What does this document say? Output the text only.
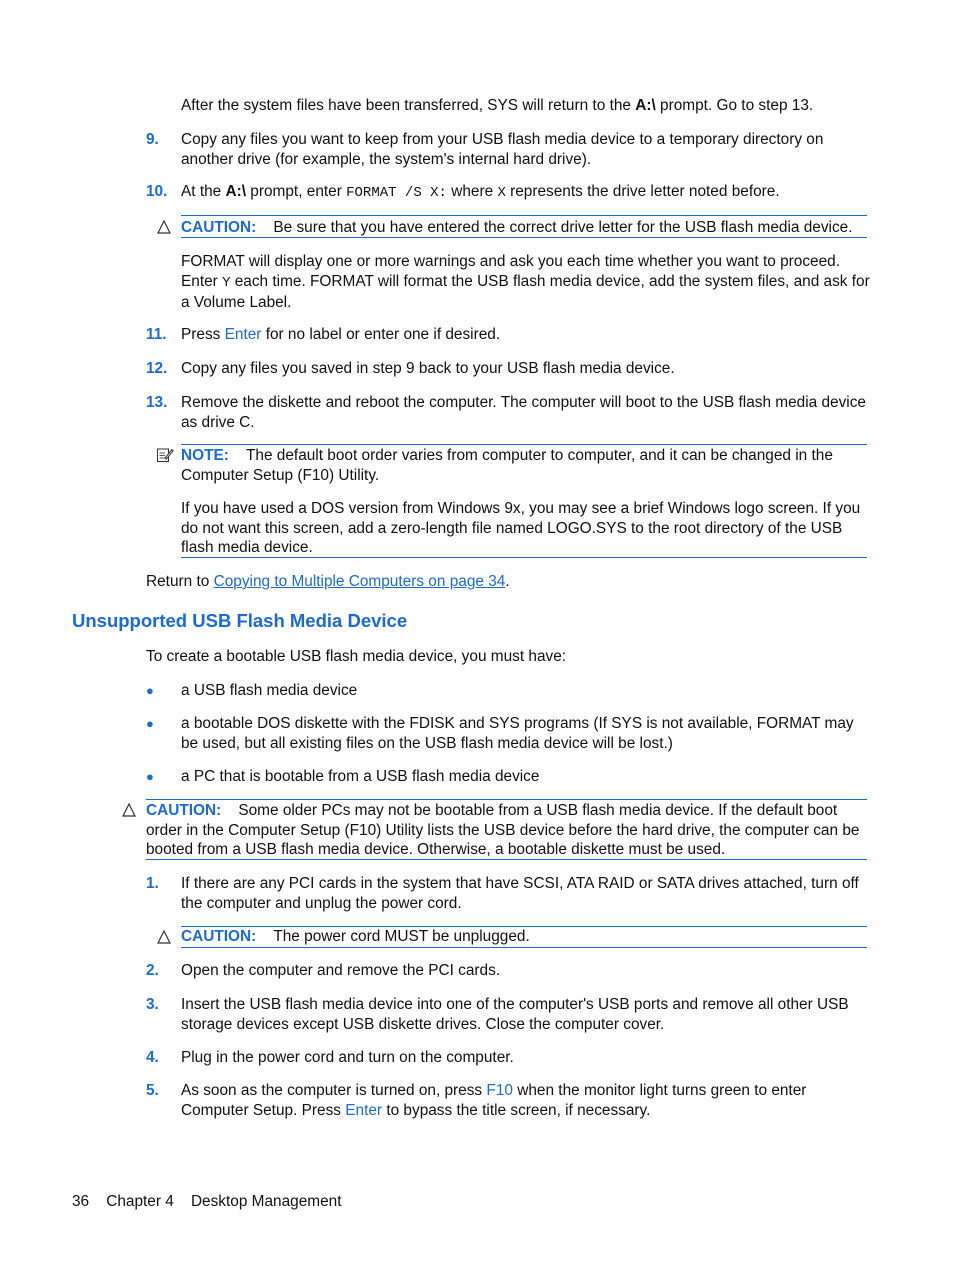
After the system files have been transferred, SYS will return to the A:\ prompt. Go to step 13.
9. Copy any files you want to keep from your USB flash media device to a temporary directory on another drive (for example, the system's internal hard drive).
10. At the A:\ prompt, enter FORMAT /S X: where X represents the drive letter noted before.
CAUTION: Be sure that you have entered the correct drive letter for the USB flash media device.
FORMAT will display one or more warnings and ask you each time whether you want to proceed. Enter Y each time. FORMAT will format the USB flash media device, add the system files, and ask for a Volume Label.
11. Press Enter for no label or enter one if desired.
12. Copy any files you saved in step 9 back to your USB flash media device.
13. Remove the diskette and reboot the computer. The computer will boot to the USB flash media device as drive C.
NOTE: The default boot order varies from computer to computer, and it can be changed in the Computer Setup (F10) Utility.
If you have used a DOS version from Windows 9x, you may see a brief Windows logo screen. If you do not want this screen, add a zero-length file named LOGO.SYS to the root directory of the USB flash media device.
Return to Copying to Multiple Computers on page 34.
Unsupported USB Flash Media Device
To create a bootable USB flash media device, you must have:
● a USB flash media device
● a bootable DOS diskette with the FDISK and SYS programs (If SYS is not available, FORMAT may be used, but all existing files on the USB flash media device will be lost.)
● a PC that is bootable from a USB flash media device
CAUTION: Some older PCs may not be bootable from a USB flash media device. If the default boot order in the Computer Setup (F10) Utility lists the USB device before the hard drive, the computer can be booted from a USB flash media device. Otherwise, a bootable diskette must be used.
1. If there are any PCI cards in the system that have SCSI, ATA RAID or SATA drives attached, turn off the computer and unplug the power cord.
CAUTION: The power cord MUST be unplugged.
2. Open the computer and remove the PCI cards.
3. Insert the USB flash media device into one of the computer's USB ports and remove all other USB storage devices except USB diskette drives. Close the computer cover.
4. Plug in the power cord and turn on the computer.
5. As soon as the computer is turned on, press F10 when the monitor light turns green to enter Computer Setup. Press Enter to bypass the title screen, if necessary.
36 Chapter 4 Desktop Management
